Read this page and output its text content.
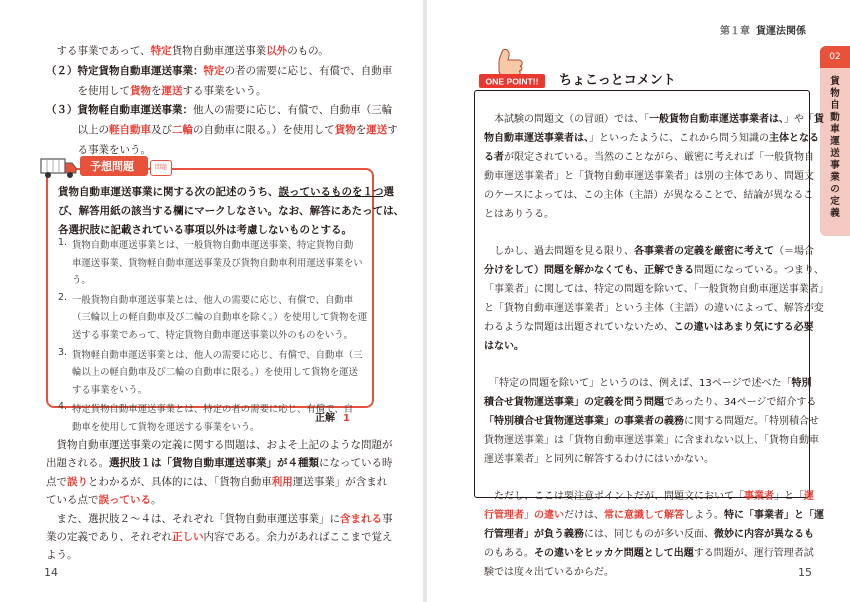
　する事業であって、特定貨物自動車運送事業以外のもの。
（２）特定貨物自動車運送事業：特定の者の需要に応じ、有償で、自動車
　　　を使用して貨物を運送する事業をいう。
（３）貨物軽自動車運送事業：他人の需要に応じ、有償で、自動車（三輪
　　　以上の軽自動車及び二輪の自動車に限る。）を使用して貨物を運送す
　　　る事業をいう。
予想問題	問題
貨物自動車運送事業に関する次の記述のうち、誤っているものを１つ選
び、解答用紙の該当する欄にマークしなさい。なお、解答にあたっては、
各選択肢に記載されている事項以外は考慮しないものとする。
1. 貨物自動車運送事業とは、一般貨物自動車運送事業、特定貨物自動
車運送事業、貨物軽自動車運送事業及び貨物自動車利用運送事業をい
う。
2. 一般貨物自動車運送事業とは、他人の需要に応じ、有償で、自動車
（三輪以上の軽自動車及び二輪の自動車を除く。）を使用して貨物を運
送する事業であって、特定貨物自動車運送事業以外のものをいう。
3. 貨物軽自動車運送事業とは、他人の需要に応じ、有償で、自動車（三
輪以上の軽自動車及び二輪の自動車に限る。）を使用して貨物を運送
する事業をいう。
4. 特定貨物自動車運送事業とは、特定の者の需要に応じ、有償で、自
動車を使用して貨物を運送する事業をいう。
正解 1
　貨物自動車運送事業の定義に関する問題は、およそ上記のような問題が
出題される。選択肢１は「貨物自動車運送事業」が４種類になっている時
点で誤りとわかるが、具体的には、「貨物自動車利用運送事業」が含まれ
ている点で誤っている。
　また、選択肢２～４は、それぞれ「貨物自動車運送事業」に含まれる事
業の定義であり、それぞれ正しい内容である。余力があればここまで覚え
よう。
14
第１章 貨運法関係
02
貨物自動車運送事業の定義
ONE POINT!! ちょこっとコメント
　本試験の問題文（の冒頭）では、「一般貨物自動車運送事業者は、」や「貨
物自動車運送事業者は、」といったように、これから問う知識の主体となる
る者が限定されている。当然のことながら、厳密に考えれば「一般貨物自
動車運送事業者」と「貨物自動車運送事業者」は別の主体であり、問題文
のケースによっては、この主体（主語）が異なることで、結論が異なるこ
とはありうる。
　しかし、過去問題を見る限り、各事業者の定義を厳密に考えて（＝場合
分けをして）問題を解かなくても、正解できる問題になっている。つまり、
「事業者」に関しては、特定の問題を除いて、「一般貨物自動車運送事業者」
と「貨物自動車運送事業者」という主体（主語）の違いによって、解答が変
わるような問題は出題されていないため、この違いはあまり気にする必要
はない。
　「特定の問題を除いて」というのは、例えば、13ページで述べた「特別
積合せ貨物運送事業」の定義を問う問題であったり、34ページで紹介する
「特別積合せ貨物運送事業」の事業者の義務に関する問題だ。「特別積合せ
貨物運送事業」は「貨物自動車運送事業」に含まれない以上、「貨物自動車
運送事業者」と同列に解答するわけにはいかない。
　ただし、ここは要注意ポイントだが、問題文において「事業者」と「運
行管理者」の違いだけは、常に意識して解答しよう。特に「事業者」と「運
行管理者」が負う義務には、同じものが多い反面、微妙に内容が異なるも
のもある。その違いをヒッカケ問題として出題する問題が、運行管理者試
験では度々出ているからだ。	15
